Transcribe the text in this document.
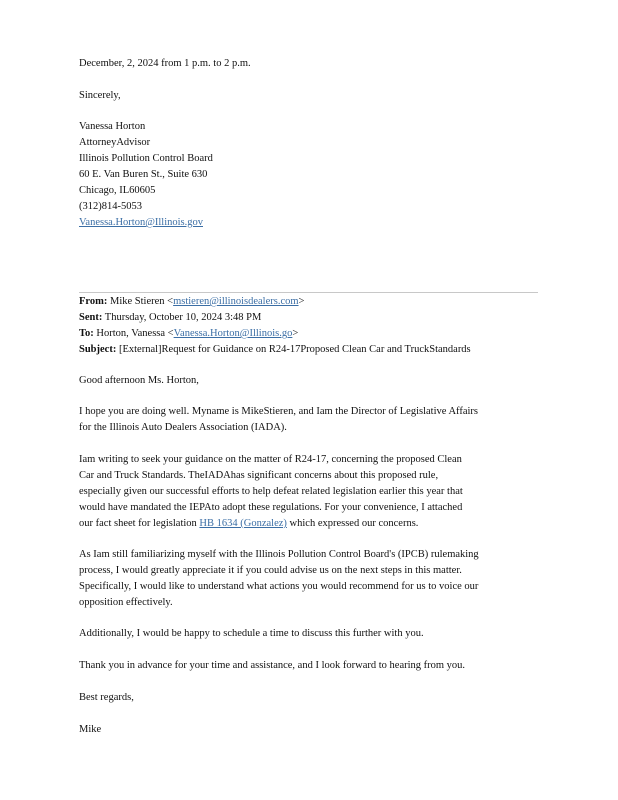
December, 2, 2024 from 1 p.m. to 2 p.m.
Sincerely,
Vanessa Horton
AttorneyAdvisor
Illinois Pollution Control Board
60 E. Van Buren St., Suite 630
Chicago, IL60605
(312)814-5053
Vanessa.Horton@Illinois.gov
From: Mike Stieren <mstieren@illinoisdealers.com>
Sent: Thursday, October 10, 2024 3:48 PM
To: Horton, Vanessa <Vanessa.Horton@Illinois.go>
Subject: [External]Request for Guidance on R24-17Proposed Clean Car and TruckStandards
Good afternoon Ms. Horton,
I hope you are doing well. Myname is MikeStieren, and Iam the Director of Legislative Affairs
for the Illinois Auto Dealers Association (IADA).
Iam writing to seek your guidance on the matter of R24-17, concerning the proposed Clean
Car and Truck Standards. TheIADAhas significant concerns about this proposed rule,
especially given our successful efforts to help defeat related legislation earlier this year that
would have mandated the IEPAto adopt these regulations. For your convenience, I attached
our fact sheet for legislation HB 1634 (Gonzalez) which expressed our concerns.
As Iam still familiarizing myself with the Illinois Pollution Control Board's (IPCB) rulemaking
process, I would greatly appreciate it if you could advise us on the next steps in this matter.
Specifically, I would like to understand what actions you would recommend for us to voice our
opposition effectively.
Additionally, I would be happy to schedule a time to discuss this further with you.
Thank you in advance for your time and assistance, and I look forward to hearing from you.
Best regards,
Mike
